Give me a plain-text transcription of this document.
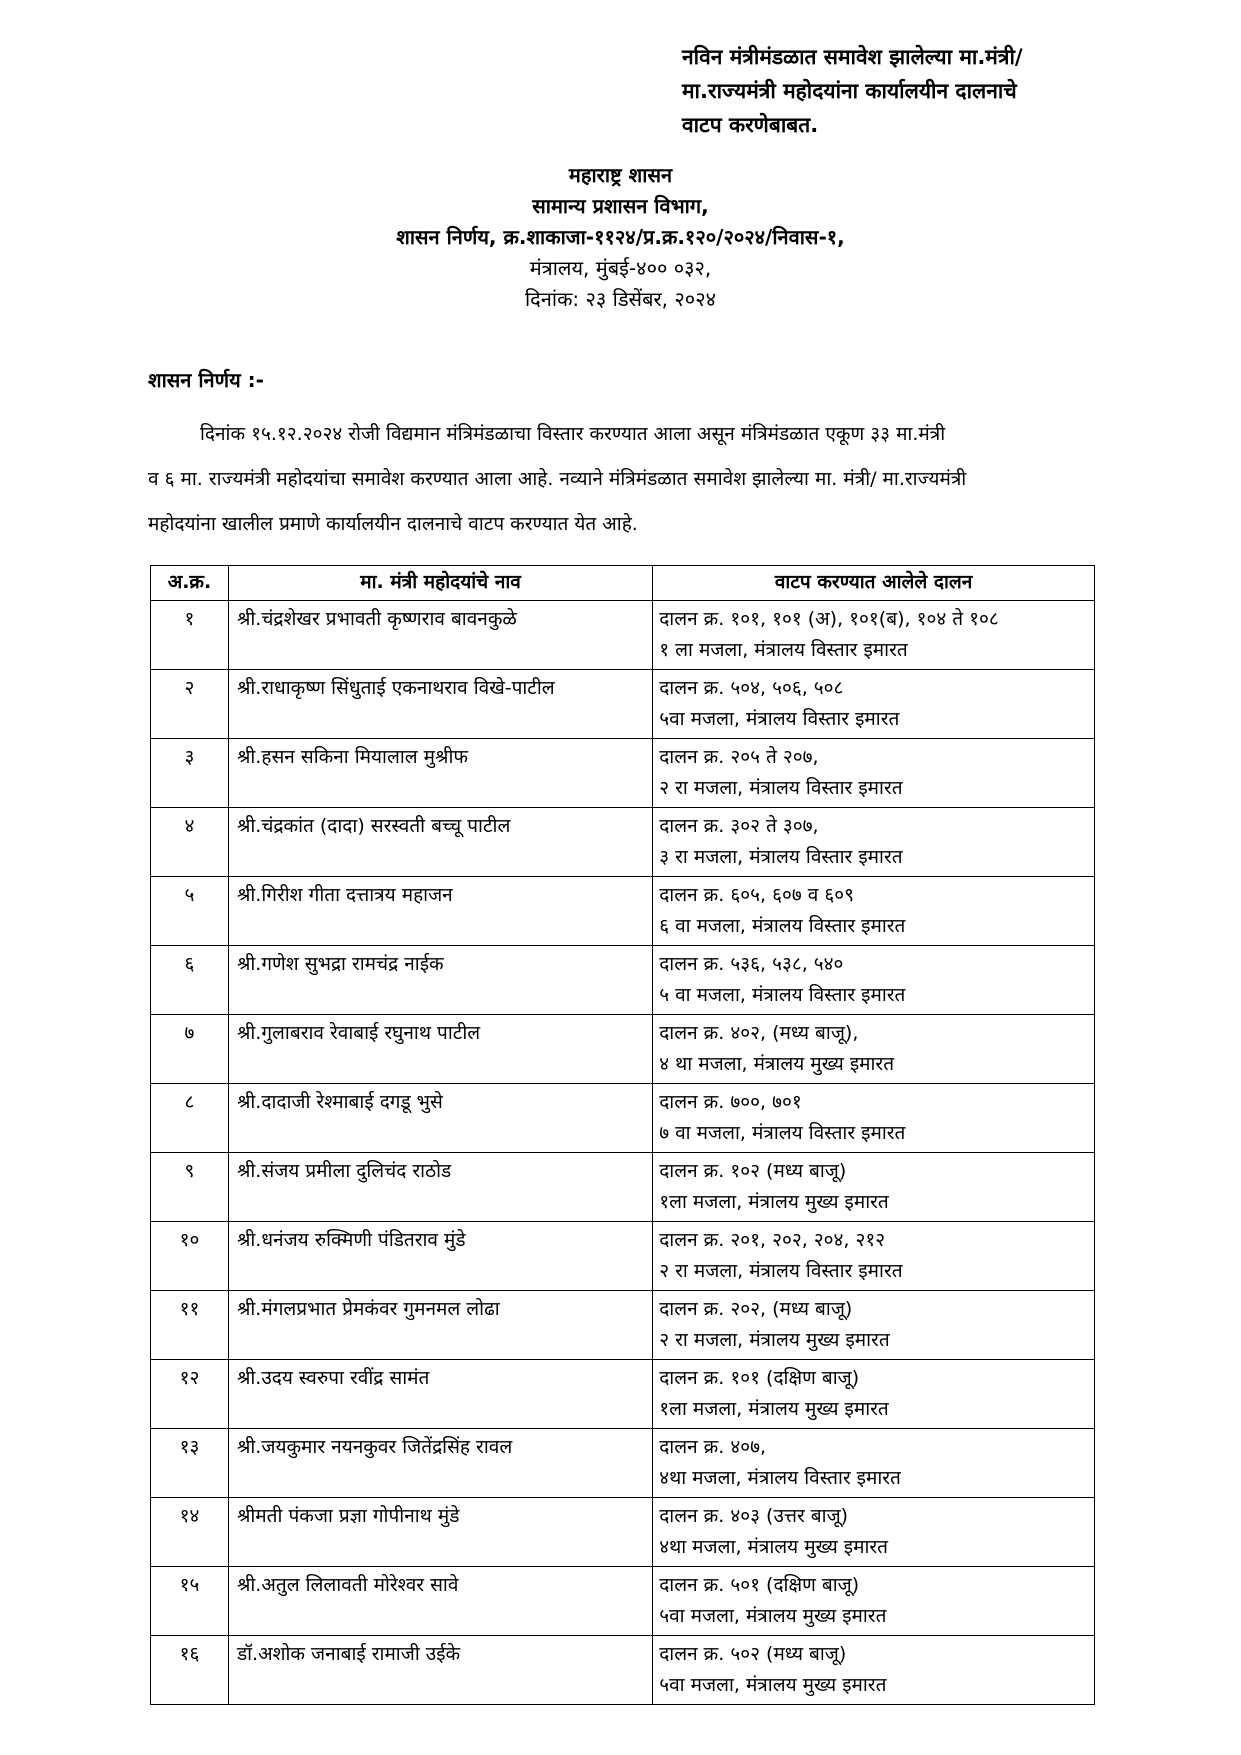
नविन मंत्रीमंडळात समावेश झालेल्या मा.मंत्री/
मा.राज्यमंत्री महोदयांना कार्यालयीन दालनाचे
वाटप करणेबाबत.
महाराष्ट्र शासन
सामान्य प्रशासन विभाग,
शासन निर्णय, क्र.शाकाजा-११२४/प्र.क्र.१२०/२०२४/निवास-१,
मंत्रालय, मुंबई-४०० ०३२,
दिनांक: २३ डिसेंबर, २०२४
शासन निर्णय :-
दिनांक १५.१२.२०२४ रोजी विद्यमान मंत्रिमंडळाचा विस्तार करण्यात आला असून मंत्रिमंडळात एकूण ३३ मा.मंत्री
व ६ मा. राज्यमंत्री महोदयांचा समावेश करण्यात आला आहे. नव्याने मंत्रिमंडळात समावेश झालेल्या मा. मंत्री/ मा.राज्यमंत्री
महोदयांना खालील प्रमाणे कार्यालयीन दालनाचे वाटप करण्यात येत आहे.
अ.क्र.	मा. मंत्री महोदयांचे नाव	वाटप करण्यात आलेले दालन
१	श्री.चंद्रशेखर प्रभावती कृष्णराव बावनकुळे	दालन क्र. १०१, १०१ (अ), १०१(ब), १०४ ते १०८
१ ला मजला, मंत्रालय विस्तार इमारत

२	श्री.राधाकृष्ण सिंधुताई एकनाथराव विखे-पाटील	दालन क्र. ५०४, ५०६, ५०८
५वा मजला, मंत्रालय विस्तार इमारत

३	श्री.हसन सकिना मियालाल मुश्रीफ	दालन क्र. २०५ ते २०७,
२ रा मजला, मंत्रालय विस्तार इमारत

४	श्री.चंद्रकांत (दादा) सरस्वती बच्चू पाटील	दालन क्र. ३०२ ते ३०७,
३ रा मजला, मंत्रालय विस्तार इमारत

५	श्री.गिरीश गीता दत्तात्रय महाजन	दालन क्र. ६०५, ६०७ व ६०९
६ वा मजला, मंत्रालय विस्तार इमारत

६	श्री.गणेश सुभद्रा रामचंद्र नाईक	दालन क्र. ५३६, ५३८, ५४०
५ वा मजला, मंत्रालय विस्तार इमारत

७	श्री.गुलाबराव रेवाबाई रघुनाथ पाटील	दालन क्र. ४०२, (मध्य बाजू),
४ था मजला, मंत्रालय मुख्य इमारत

८	श्री.दादाजी रेश्माबाई दगडू भुसे	दालन क्र. ७००, ७०१
७ वा मजला, मंत्रालय विस्तार इमारत

९	श्री.संजय प्रमीला दुलिचंद राठोड	दालन क्र. १०२ (मध्य बाजू)
१ला मजला, मंत्रालय मुख्य इमारत

१०	श्री.धनंजय रुक्मिणी पंडितराव मुंडे	दालन क्र. २०१, २०२, २०४, २१२
२ रा मजला, मंत्रालय विस्तार इमारत

११	श्री.मंगलप्रभात प्रेमकंवर गुमनमल लोढा	दालन क्र. २०२, (मध्य बाजू)
२ रा मजला, मंत्रालय मुख्य इमारत

१२	श्री.उदय स्वरुपा रवींद्र सामंत	दालन क्र. १०१ (दक्षिण बाजू)
१ला मजला, मंत्रालय मुख्य इमारत

१३	श्री.जयकुमार नयनकुवर जितेंद्रसिंह रावल	दालन क्र. ४०७,
४था मजला, मंत्रालय विस्तार इमारत

१४	श्रीमती पंकजा प्रज्ञा गोपीनाथ मुंडे	दालन क्र. ४०३ (उत्तर बाजू)
४था मजला, मंत्रालय मुख्य इमारत

१५	श्री.अतुल लिलावती मोरेश्वर सावे	दालन क्र. ५०१ (दक्षिण बाजू)
५वा मजला, मंत्रालय मुख्य इमारत

१६	डॉ.अशोक जनाबाई रामाजी उईके	दालन क्र. ५०२ (मध्य बाजू)
५वा मजला, मंत्रालय मुख्य इमारत
